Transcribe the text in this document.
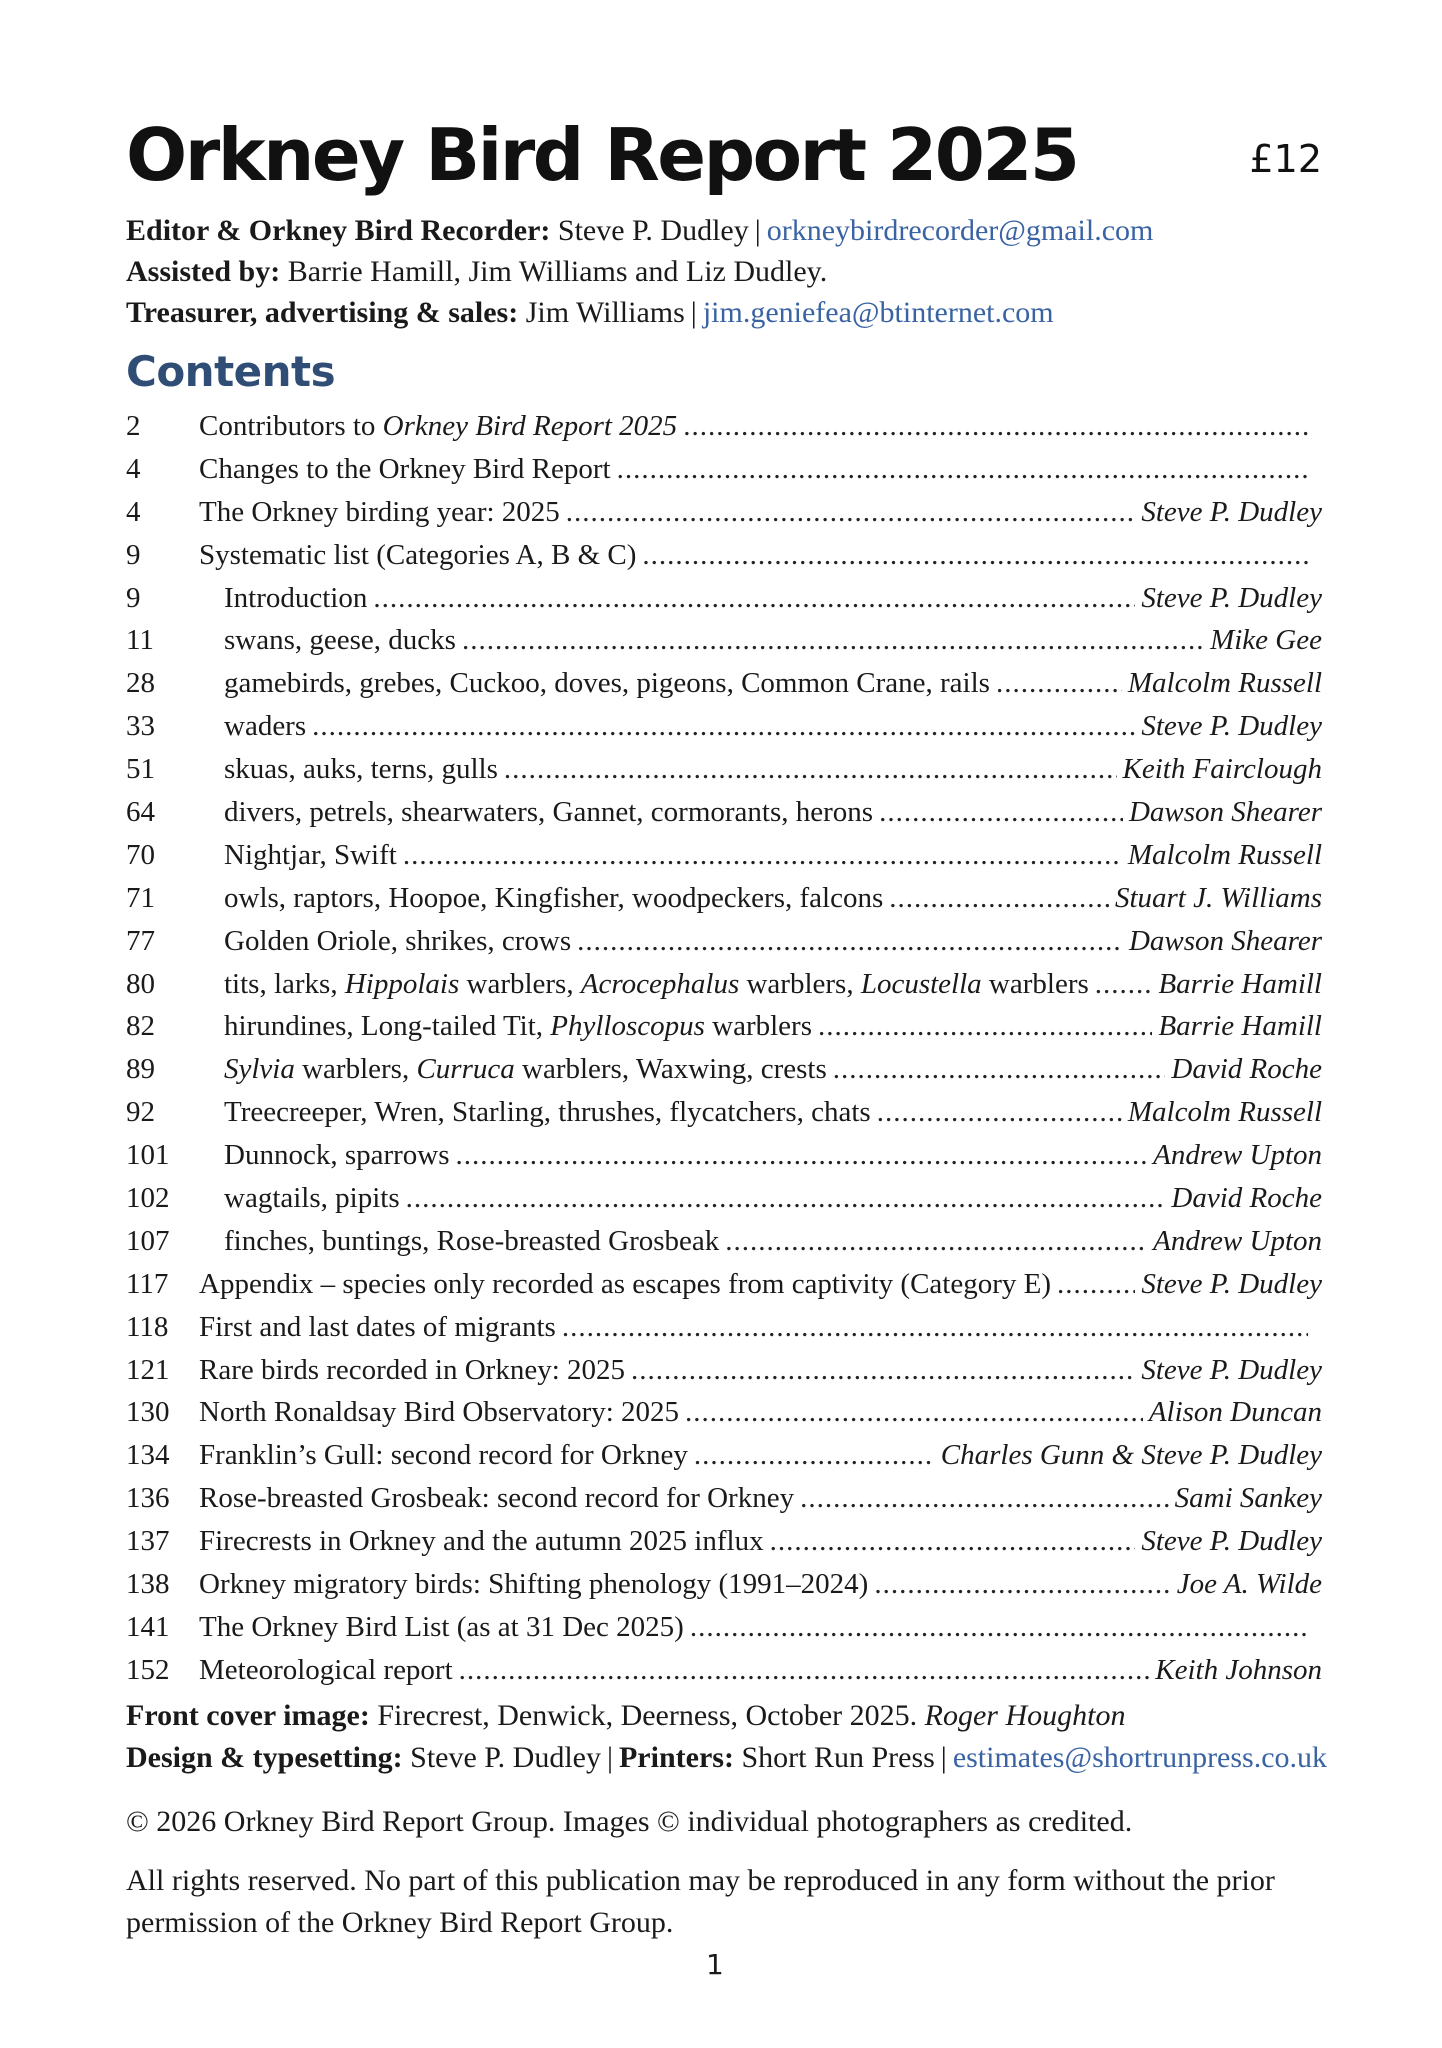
Orkney Bird Report 2025	£12
Editor & Orkney Bird Recorder: Steve P. Dudley | orkneybirdrecorder@gmail.com
Assisted by: Barrie Hamill, Jim Williams and Liz Dudley.
Treasurer, advertising & sales: Jim Williams | jim.geniefea@btinternet.com
Contents
2	Contributors to Orkney Bird Report 2025
.....
4	Changes to the Orkney Bird Report
.....
4	The Orkney birding year: 2025 .....	Steve P. Dudley
9	Systematic list (Categories A, B & C)
.....
9	Introduction .....	Steve P. Dudley
11	swans, geese, ducks .....	Mike Gee
28	gamebirds, grebes, Cuckoo, doves, pigeons, Common Crane, rails .....	Malcolm Russell
33	waders .....	Steve P. Dudley
51	skuas, auks, terns, gulls .....	Keith Fairclough
64	divers, petrels, shearwaters, Gannet, cormorants, herons .....	Dawson Shearer
70	Nightjar, Swift .....	Malcolm Russell
71	owls, raptors, Hoopoe, Kingfisher, woodpeckers, falcons .....	Stuart J. Williams
77	Golden Oriole, shrikes, crows .....	Dawson Shearer
80	tits, larks, Hippolais warblers, Acrocephalus warblers, Locustella warblers ..... Barrie Hamill
82	hirundines, Long-tailed Tit, Phylloscopus warblers .....	Barrie Hamill
89	Sylvia warblers, Curruca warblers, Waxwing, crests .....	David Roche
92	Treecreeper, Wren, Starling, thrushes, flycatchers, chats .....	Malcolm Russell
101	Dunnock, sparrows .....	Andrew Upton
102	wagtails, pipits .....	David Roche
107	finches, buntings, Rose-breasted Grosbeak .....	Andrew Upton
117	Appendix – species only recorded as escapes from captivity (Category E) .....	Steve P. Dudley
118	First and last dates of migrants
.....
121	Rare birds recorded in Orkney: 2025 .....	Steve P. Dudley
130	North Ronaldsay Bird Observatory: 2025 .....	Alison Duncan
134	Franklin’s Gull: second record for Orkney .....	Charles Gunn & Steve P. Dudley
136	Rose-breasted Grosbeak: second record for Orkney .....	Sami Sankey
137	Firecrests in Orkney and the autumn 2025 influx .....	Steve P. Dudley
138	Orkney migratory birds: Shifting phenology (1991–2024) .....	Joe A. Wilde
141	The Orkney Bird List (as at 31 Dec 2025)
.....
152	Meteorological report .....	Keith Johnson
Front cover image: Firecrest, Denwick, Deerness, October 2025. Roger Houghton
Design & typesetting: Steve P. Dudley | Printers: Short Run Press | estimates@shortrunpress.co.uk
© 2026 Orkney Bird Report Group. Images © individual photographers as credited.

All rights reserved. No part of this publication may be reproduced in any form without the prior permission of the Orkney Bird Report Group.

1
